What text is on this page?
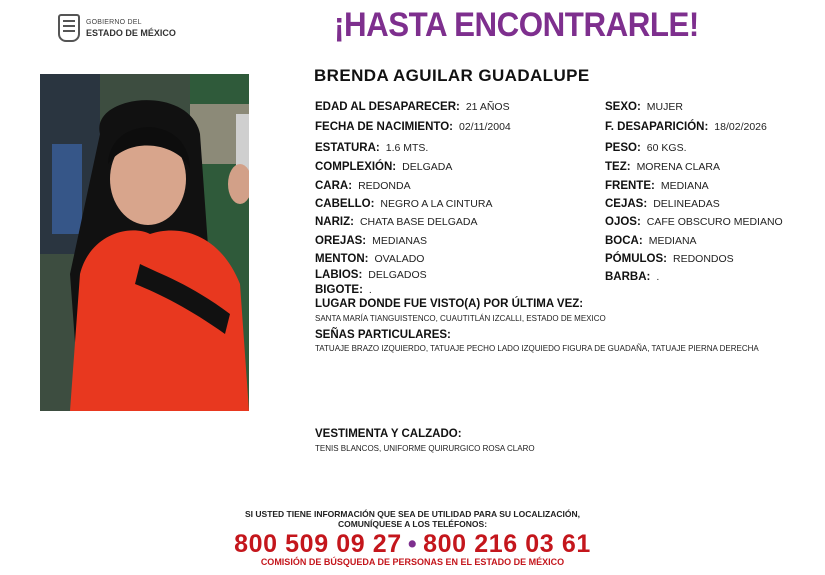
GOBIERNO DEL
ESTADO DE MÉXICO	¡HASTA ENCONTRARLE!
BRENDA AGUILAR GUADALUPE
EDAD AL DESAPARECER: 21 AÑOS
FECHA DE NACIMIENTO: 02/11/2004
ESTATURA: 1.6 MTS.
COMPLEXIÓN: DELGADA
CARA: REDONDA
CABELLO: NEGRO A LA CINTURA
NARIZ: CHATA BASE DELGADA
OREJAS: MEDIANAS
MENTON: OVALADO
LABIOS: DELGADOS
BIGOTE: .
SEXO: MUJER
F. DESAPARICIÓN: 18/02/2026
PESO: 60 KGS.
TEZ: MORENA CLARA
FRENTE: MEDIANA
CEJAS: DELINEADAS
OJOS: CAFE OBSCURO MEDIANO
BOCA: MEDIANA
PÓMULOS: REDONDOS
BARBA: .
LUGAR DONDE FUE VISTO(A) POR ÚLTIMA VEZ:
SANTA MARÍA TIANGUISTENCO, CUAUTITLÁN IZCALLI, ESTADO DE MEXICO
SEÑAS PARTICULARES:
TATUAJE BRAZO IZQUIERDO, TATUAJE PECHO LADO IZQUIEDO FIGURA DE GUADAÑA, TATUAJE PIERNA DERECHA
VESTIMENTA Y CALZADO:
TENIS BLANCOS, UNIFORME QUIRURGICO ROSA CLARO
SI USTED TIENE INFORMACIÓN QUE SEA DE UTILIDAD PARA SU LOCALIZACIÓN,
COMUNÍQUESE A LOS TELÉFONOS:
800 509 09 27 • 800 216 03 61
COMISIÓN DE BÚSQUEDA DE PERSONAS EN EL ESTADO DE MÉXICO
